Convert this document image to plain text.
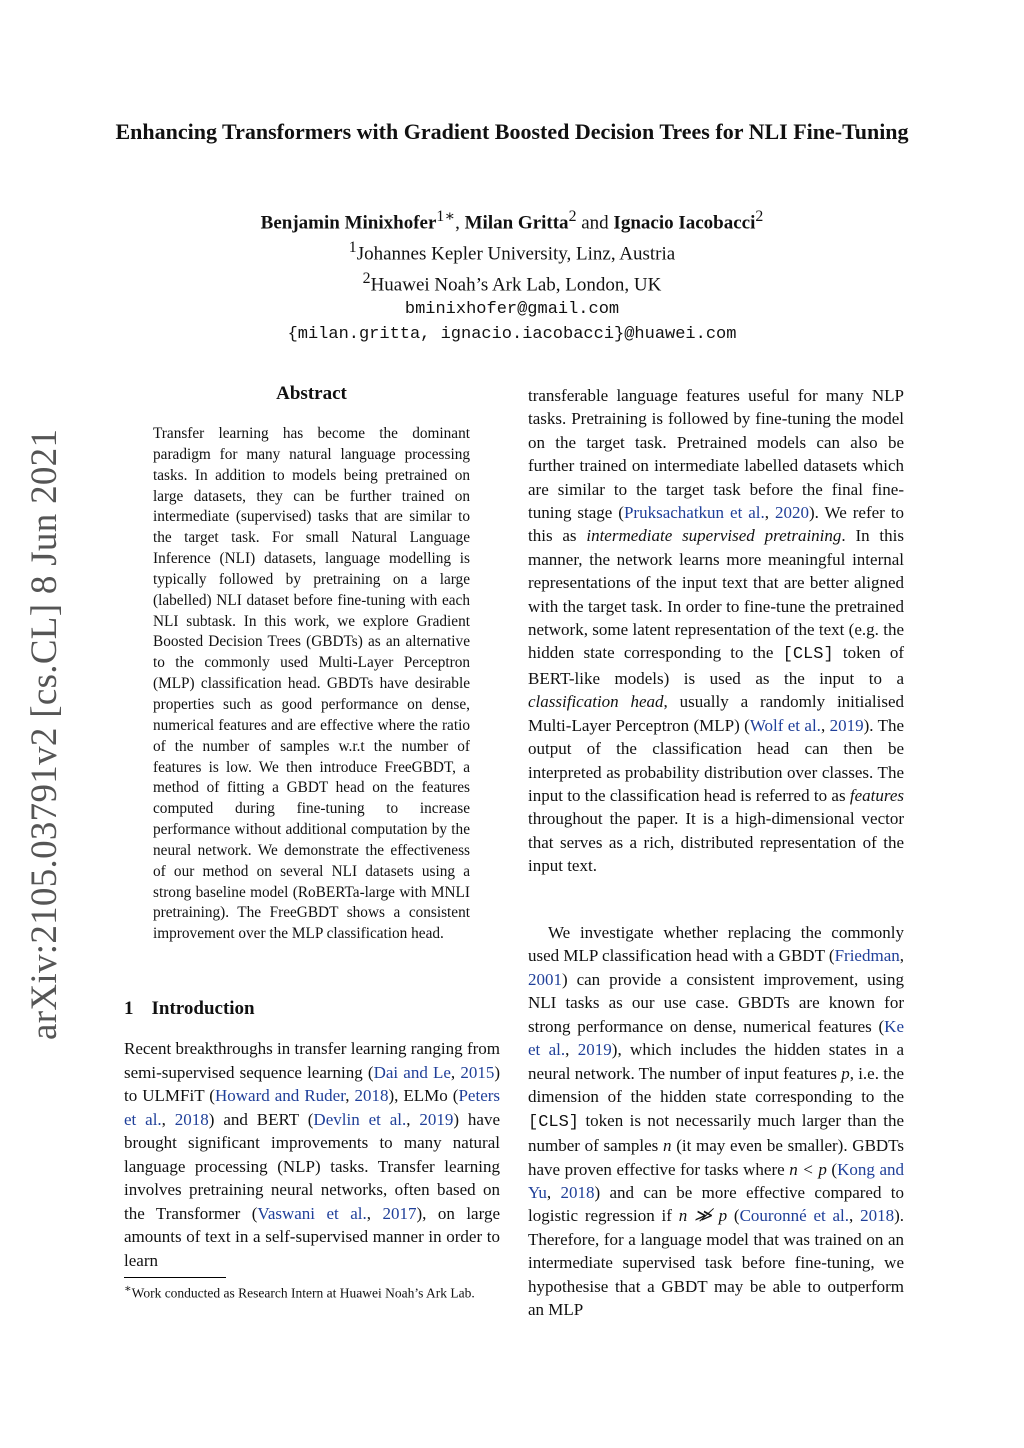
arXiv:2105.03791v2 [cs.CL] 8 Jun 2021
Enhancing Transformers with Gradient Boosted Decision Trees for NLI Fine-Tuning
Benjamin Minixhofer$^{1∗}$, Milan Gritta$^2$ and Ignacio Iacobacci$^2$
$^1$Johannes Kepler University, Linz, Austria
$^2$Huawei Noah’s Ark Lab, London, UK
bminixhofer@gmail.com
{milan.gritta, ignacio.iacobacci}@huawei.com
Abstract

Transfer learning has become the dominant paradigm for many natural language processing tasks. In addition to models being pretrained on large datasets, they can be further trained on intermediate (supervised) tasks that are similar to the target task. For small Natural Language Inference (NLI) datasets, language modelling is typically followed by pretraining on a large (labelled) NLI dataset before fine-tuning with each NLI subtask. In this work, we explore Gradient Boosted Decision Trees (GBDTs) as an alternative to the commonly used Multi-Layer Perceptron (MLP) classification head. GBDTs have desirable properties such as good performance on dense, numerical features and are effective where the ratio of the number of samples w.r.t the number of features is low. We then introduce FreeGBDT, a method of fitting a GBDT head on the features computed during fine-tuning to increase performance without additional computation by the neural network. We demonstrate the effectiveness of our method on several NLI datasets using a strong baseline model (RoBERTa-large with MNLI pretraining). The FreeGBDT shows a consistent improvement over the MLP classification head.

1 Introduction

Recent breakthroughs in transfer learning ranging from semi-supervised sequence learning (Dai and Le, 2015) to ULMFiT (Howard and Ruder, 2018), ELMo (Peters et al., 2018) and BERT (Devlin et al., 2019) have brought significant improvements to many natural language processing (NLP) tasks. Transfer learning involves pretraining neural networks, often based on the Transformer (Vaswani et al., 2017), on large amounts of text in a self-supervised manner in order to learn

∗Work conducted as Research Intern at Huawei Noah’s Ark Lab.

transferable language features useful for many NLP tasks. Pretraining is followed by fine-tuning the model on the target task. Pretrained models can also be further trained on intermediate labelled datasets which are similar to the target task before the final fine-tuning stage (Pruksachatkun et al., 2020). We refer to this as intermediate supervised pretraining. In this manner, the network learns more meaningful internal representations of the input text that are better aligned with the target task. In order to fine-tune the pretrained network, some latent representation of the text (e.g. the hidden state corresponding to the [CLS] token of BERT-like models) is used as the input to a classification head, usually a randomly initialised Multi-Layer Perceptron (MLP) (Wolf et al., 2019). The output of the classification head can then be interpreted as probability distribution over classes. The input to the classification head is referred to as features throughout the paper. It is a high-dimensional vector that serves as a rich, distributed representation of the input text.

We investigate whether replacing the commonly used MLP classification head with a GBDT (Friedman, 2001) can provide a consistent improvement, using NLI tasks as our use case. GBDTs are known for strong performance on dense, numerical features (Ke et al., 2019), which includes the hidden states in a neural network. The number of input features p, i.e. the dimension of the hidden state corresponding to the [CLS] token is not necessarily much larger than the number of samples n (it may even be smaller). GBDTs have proven effective for tasks where n < p (Kong and Yu, 2018) and can be more effective compared to logistic regression if n ≫̸ p (Couronné et al., 2018). Therefore, for a language model that was trained on an intermediate supervised task before fine-tuning, we hypothesise that a GBDT may be able to outperform an MLP
